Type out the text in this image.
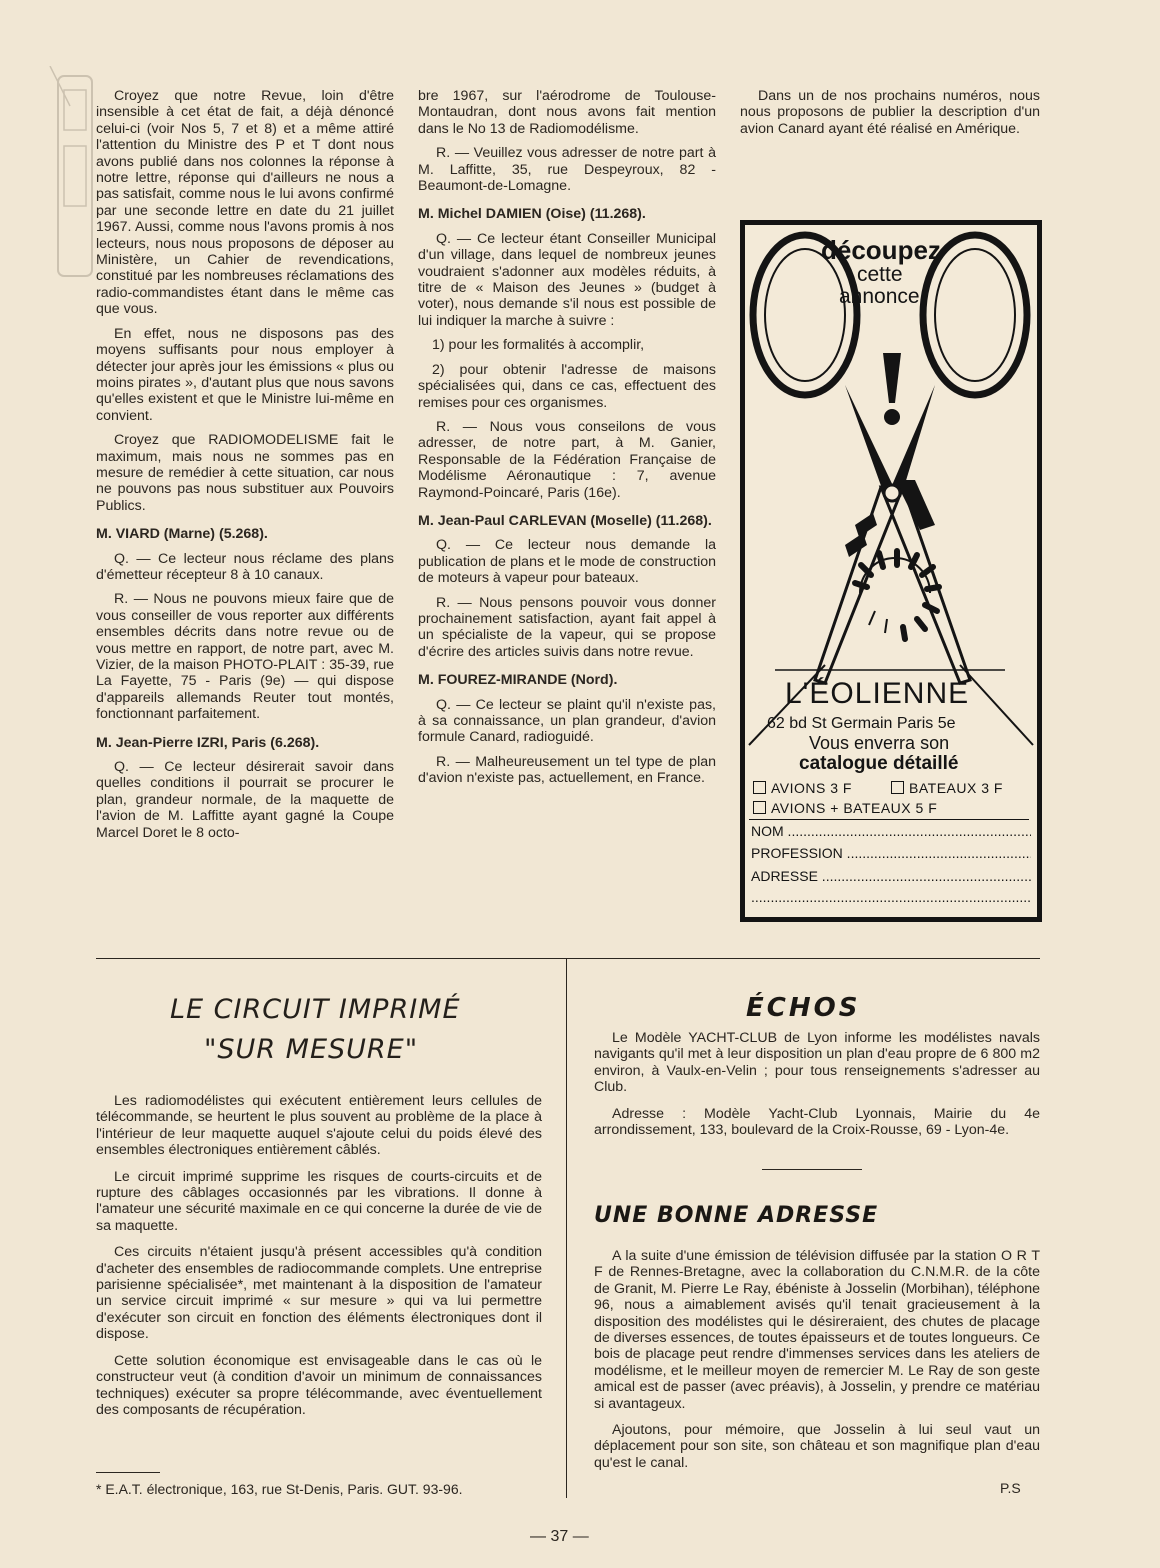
Croyez que notre Revue, loin d'être insensible à cet état de fait, a déjà dénoncé celui-ci (voir Nos 5, 7 et 8) et a même attiré l'attention du Ministre des P et T dont nous avons publié dans nos colonnes la réponse à notre lettre, réponse qui d'ailleurs ne nous a pas satisfait, comme nous le lui avons confirmé par une seconde lettre en date du 21 juillet 1967. Aussi, comme nous l'avons promis à nos lecteurs, nous nous proposons de déposer au Ministère, un Cahier de revendications, constitué par les nombreuses réclamations des radio-commandistes étant dans le même cas que vous.

En effet, nous ne disposons pas des moyens suffisants pour nous employer à détecter jour après jour les émissions « plus ou moins pirates », d'autant plus que nous savons qu'elles existent et que le Ministre lui-même en convient.

Croyez que RADIOMODELISME fait le maximum, mais nous ne sommes pas en mesure de remédier à cette situation, car nous ne pouvons pas nous substituer aux Pouvoirs Publics.

M. VIARD (Marne) (5.268).

Q. — Ce lecteur nous réclame des plans d'émetteur récepteur 8 à 10 canaux.

R. — Nous ne pouvons mieux faire que de vous conseiller de vous reporter aux différents ensembles décrits dans notre revue ou de vous mettre en rapport, de notre part, avec M. Vizier, de la maison PHOTO-PLAIT : 35-39, rue La Fayette, 75 - Paris (9e) — qui dispose d'appareils allemands Reuter tout montés, fonctionnant parfaitement.

M. Jean-Pierre IZRI, Paris (6.268).

Q. — Ce lecteur désirerait savoir dans quelles conditions il pourrait se procurer le plan, grandeur normale, de la maquette de l'avion de M. Laffitte ayant gagné la Coupe Marcel Doret le 8 octo-

bre 1967, sur l'aérodrome de Toulouse-Montaudran, dont nous avons fait mention dans le No 13 de Radiomodélisme.

R. — Veuillez vous adresser de notre part à M. Laffitte, 35, rue Despeyroux, 82 - Beaumont-de-Lomagne.

M. Michel DAMIEN (Oise) (11.268).

Q. — Ce lecteur étant Conseiller Municipal d'un village, dans lequel de nombreux jeunes voudraient s'adonner aux modèles réduits, à titre de « Maison des Jeunes » (budget à voter), nous demande s'il nous est possible de lui indiquer la marche à suivre :

1) pour les formalités à accomplir,

2) pour obtenir l'adresse de maisons spécialisées qui, dans ce cas, effectuent des remises pour ces organismes.

R. — Nous vous conseilons de vous adresser, de notre part, à M. Ganier, Responsable de la Fédération Française de Modélisme Aéronautique : 7, avenue Raymond-Poincaré, Paris (16e).

M. Jean-Paul CARLEVAN (Moselle) (11.268).

Q. — Ce lecteur nous demande la publication de plans et le mode de construction de moteurs à vapeur pour bateaux.

R. — Nous pensons pouvoir vous donner prochainement satisfaction, ayant fait appel à un spécialiste de la vapeur, qui se propose d'écrire des articles suivis dans notre revue.

M. FOUREZ-MIRANDE (Nord).

Q. — Ce lecteur se plaint qu'il n'existe pas, à sa connaissance, un plan grandeur, d'avion formule Canard, radioguidé.

R. — Malheureusement un tel type de plan d'avion n'existe pas, actuellement, en France.

Dans un de nos prochains numéros, nous nous proposons de publier la description d'un avion Canard ayant été réalisé en Amérique.

découpez
cette
annonce
L'ÉOLIENNE
62 bd St Germain Paris 5e
Vous enverra son
catalogue détaillé
AVIONS 3 F	BATEAUX 3 F
AVIONS + BATEAUX 5 F
NOM .....
PROFESSION .....
ADRESSE .....
.....
LE CIRCUIT IMPRIMÉ
"SUR MESURE"

Les radiomodélistes qui exécutent entièrement leurs cellules de télécommande, se heurtent le plus souvent au problème de la place à l'intérieur de leur maquette auquel s'ajoute celui du poids élevé des ensembles électroniques entièrement câblés.

Le circuit imprimé supprime les risques de courts-circuits et de rupture des câblages occasionnés par les vibrations. Il donne à l'amateur une sécurité maximale en ce qui concerne la durée de vie de sa maquette.

Ces circuits n'étaient jusqu'à présent accessibles qu'à condition d'acheter des ensembles de radiocommande complets. Une entreprise parisienne spécialisée*, met maintenant à la disposition de l'amateur un service circuit imprimé « sur mesure » qui va lui permettre d'exécuter son circuit en fonction des éléments électroniques dont il dispose.

Cette solution économique est envisageable dans le cas où le constructeur veut (à condition d'avoir un minimum de connaissances techniques) exécuter sa propre télécommande, avec éventuellement des composants de récupération.

* E.A.T. électronique, 163, rue St-Denis, Paris. GUT. 93-96.
ÉCHOS

Le Modèle YACHT-CLUB de Lyon informe les modélistes navals navigants qu'il met à leur disposition un plan d'eau propre de 6 800 m2 environ, à Vaulx-en-Velin ; pour tous renseignements s'adresser au Club.

Adresse : Modèle Yacht-Club Lyonnais, Mairie du 4e arrondissement, 133, boulevard de la Croix-Rousse, 69 - Lyon-4e.

UNE BONNE ADRESSE

A la suite d'une émission de télévision diffusée par la station O R T F de Rennes-Bretagne, avec la collaboration du C.N.M.R. de la côte de Granit, M. Pierre Le Ray, ébéniste à Josselin (Morbihan), téléphone 96, nous a aimablement avisés qu'il tenait gracieusement à la disposition des modélistes qui le désireraient, des chutes de placage de diverses essences, de toutes épaisseurs et de toutes longueurs. Ce bois de placage peut rendre d'immenses services dans les ateliers de modélisme, et le meilleur moyen de remercier M. Le Ray de son geste amical est de passer (avec préavis), à Josselin, y prendre ce matériau si avantageux.

Ajoutons, pour mémoire, que Josselin à lui seul vaut un déplacement pour son site, son château et son magnifique plan d'eau qu'est le canal.

P.S
— 37 —
